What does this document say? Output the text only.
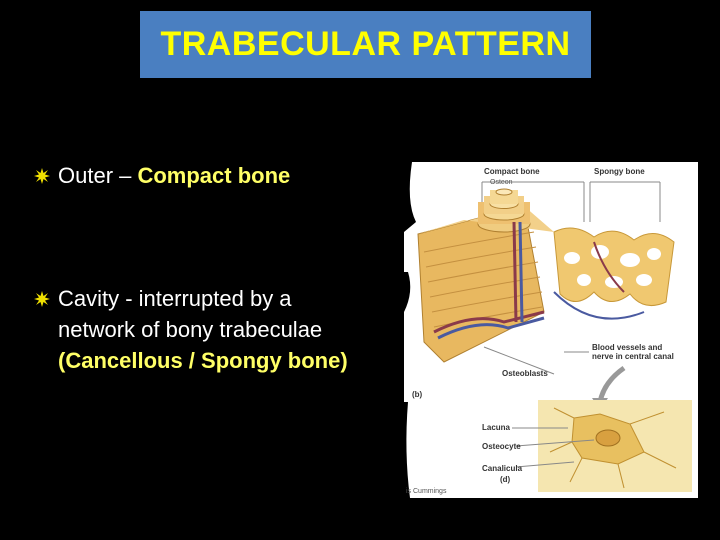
TRABECULAR PATTERN
Outer – Compact bone
Cavity - interrupted by a network of bony trabeculae (Cancellous / Spongy bone)
Compact bone	Spongy bone
Osteon
Blood vessels and
nerve in central canal
Osteoblasts
(b)
Lacuna
Osteocyte
Canalicula
(d)
is Cummings
